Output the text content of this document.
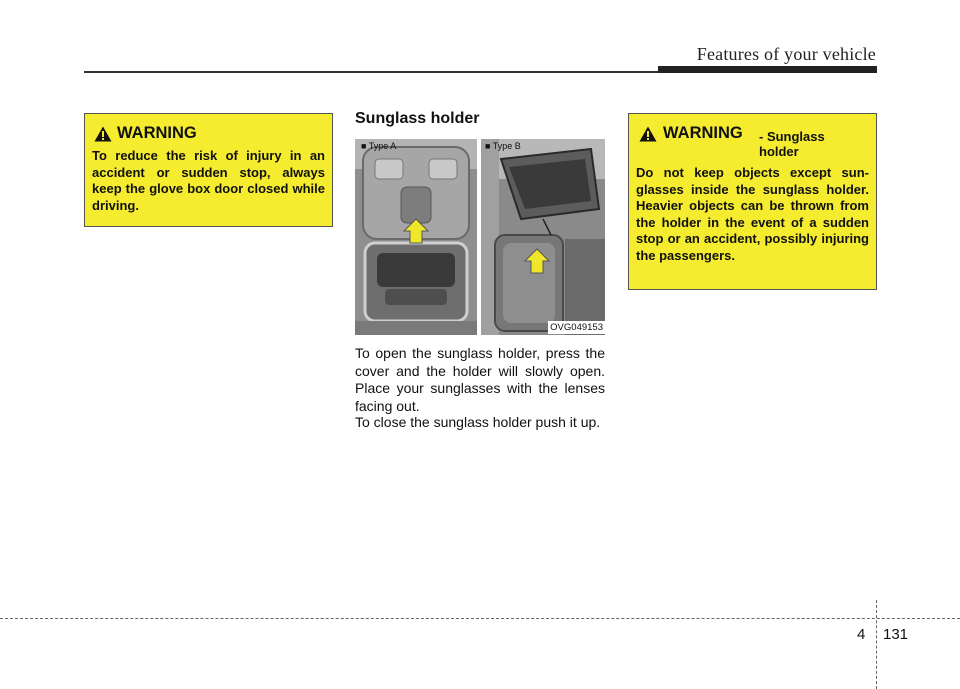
Features of your vehicle
WARNING
To reduce the risk of injury in an accident or sudden stop, always keep the glove box door closed while driving.
Sunglass holder
■ Type A	■ Type B
OVG049153
To open the sunglass holder, press the cover and the holder will slowly open. Place your sunglasses with the lenses facing out.
To close the sunglass holder push it up.
WARNING - Sunglass holder
Do not keep objects except sun-glasses inside the sunglass holder. Heavier objects can be thrown from the holder in the event of a sudden stop or an accident, possibly injuring the passengers.
4 131
